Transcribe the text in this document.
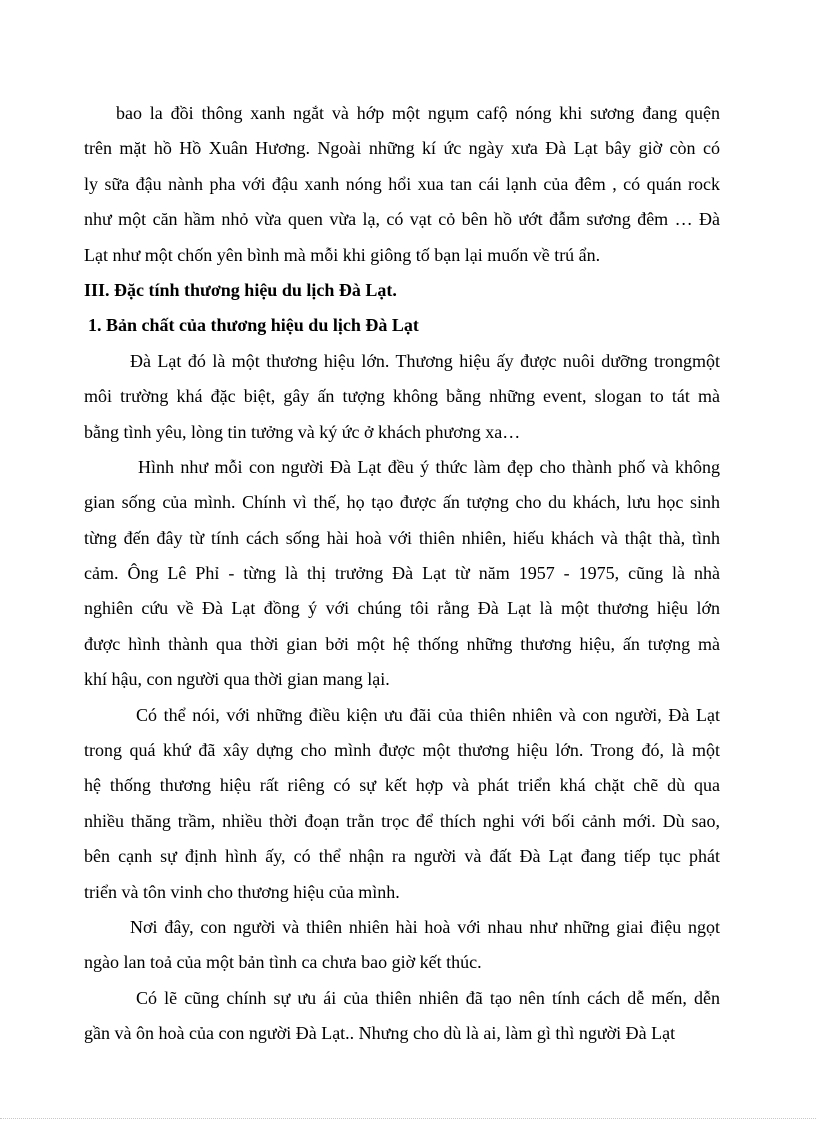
bao la đồi thông xanh ngắt và hớp một ngụm cafộ nóng khi sương đang quện
trên mặt hồ Hồ Xuân Hương. Ngoài những kí ức ngày xưa Đà Lạt bây giờ còn có
ly sữa đậu nành pha với đậu xanh nóng hổi xua tan cái lạnh của đêm , có quán rock
như một căn hầm nhỏ vừa quen vừa lạ, có vạt cỏ bên hồ ướt đẫm sương đêm … Đà
Lạt như một chốn yên bình mà mỗi khi giông tố bạn lại muốn về trú ẩn.
III. Đặc tính thương hiệu du lịch Đà Lạt.
1. Bản chất của thương hiệu du lịch Đà Lạt
Đà Lạt đó là một thương hiệu lớn. Thương hiệu ấy được nuôi dưỡng trongmột
môi trường khá đặc biệt, gây ấn tượng không bằng những event, slogan to tát mà
bằng tình yêu, lòng tin tưởng và ký ức ở khách phương xa…
Hình như mỗi con người Đà Lạt đều ý thức làm đẹp cho thành phố và không
gian sống của mình. Chính vì thế, họ tạo được ấn tượng cho du khách, lưu học sinh
từng đến đây từ tính cách sống hài hoà với thiên nhiên, hiếu khách và thật thà, tình
cảm. Ông Lê Phỉ - từng là thị trưởng Đà Lạt từ năm 1957 - 1975, cũng là nhà
nghiên cứu về Đà Lạt đồng ý với chúng tôi rằng Đà Lạt là một thương hiệu lớn
được hình thành qua thời gian bởi một hệ thống những thương hiệu, ấn tượng mà
khí hậu, con người qua thời gian mang lại.
Có thể nói, với những điều kiện ưu đãi của thiên nhiên và con người, Đà Lạt
trong quá khứ đã xây dựng cho mình được một thương hiệu lớn. Trong đó, là một
hệ thống thương hiệu rất riêng có sự kết hợp và phát triển khá chặt chẽ dù qua
nhiều thăng trầm, nhiều thời đoạn trằn trọc để thích nghi với bối cảnh mới. Dù sao,
bên cạnh sự định hình ấy, có thể nhận ra người và đất Đà Lạt đang tiếp tục phát
triển và tôn vinh cho thương hiệu của mình.
Nơi đây, con người và thiên nhiên hài hoà với nhau như những giai điệu ngọt
ngào lan toả của một bản tình ca chưa bao giờ kết thúc.
Có lẽ cũng chính sự ưu ái của thiên nhiên đã tạo nên tính cách dễ mến, dễn
gần và ôn hoà của con người Đà Lạt.. Nhưng cho dù là ai, làm gì thì người Đà Lạt
